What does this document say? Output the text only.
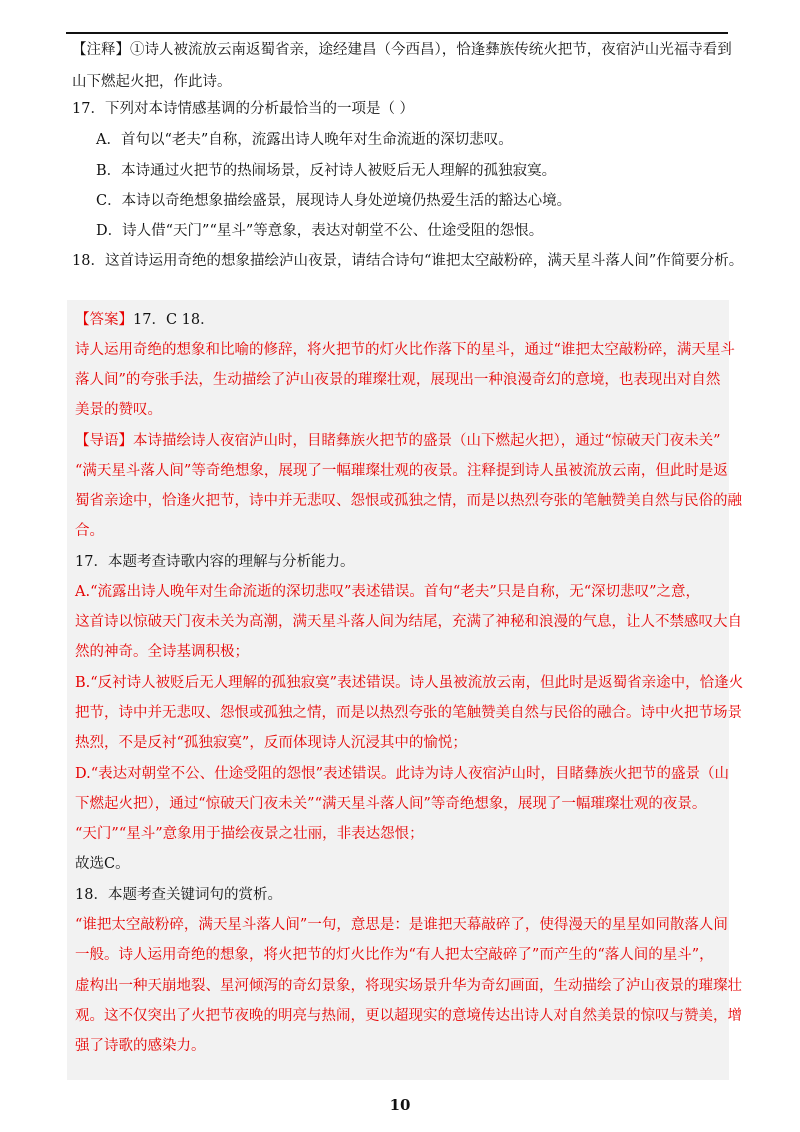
【注释】①诗人被流放云南返蜀省亲，途经建昌（今西昌），恰逢彝族传统火把节，夜宿泸山光福寺看到
山下燃起火把，作此诗。
17．下列对本诗情感基调的分析最恰当的一项是（ ）
A．首句以“老夫”自称，流露出诗人晚年对生命流逝的深切悲叹。
B．本诗通过火把节的热闹场景，反衬诗人被贬后无人理解的孤独寂寞。
C．本诗以奇绝想象描绘盛景，展现诗人身处逆境仍热爱生活的豁达心境。
D．诗人借“天门”“星斗”等意象，表达对朝堂不公、仕途受阻的怨恨。
18．这首诗运用奇绝的想象描绘泸山夜景，请结合诗句“谁把太空敲粉碎，满天星斗落人间”作简要分析。
【答案】17．C 18．
诗人运用奇绝的想象和比喻的修辞，将火把节的灯火比作落下的星斗，通过“谁把太空敲粉碎，满天星斗
落人间”的夸张手法，生动描绘了泸山夜景的璀璨壮观，展现出一种浪漫奇幻的意境，也表现出对自然
美景的赞叹。
【导语】本诗描绘诗人夜宿泸山时，目睹彝族火把节的盛景（山下燃起火把），通过“惊破天门夜未关”
“满天星斗落人间”等奇绝想象，展现了一幅璀璨壮观的夜景。注释提到诗人虽被流放云南，但此时是返
蜀省亲途中，恰逢火把节，诗中并无悲叹、怨恨或孤独之情，而是以热烈夸张的笔触赞美自然与民俗的融
合。
17．本题考查诗歌内容的理解与分析能力。
A.“流露出诗人晚年对生命流逝的深切悲叹”表述错误。首句“老夫”只是自称，无“深切悲叹”之意，
这首诗以惊破天门夜未关为高潮，满天星斗落人间为结尾，充满了神秘和浪漫的气息，让人不禁感叹大自
然的神奇。全诗基调积极；
B.“反衬诗人被贬后无人理解的孤独寂寞”表述错误。诗人虽被流放云南，但此时是返蜀省亲途中，恰逢火
把节，诗中并无悲叹、怨恨或孤独之情，而是以热烈夸张的笔触赞美自然与民俗的融合。诗中火把节场景
热烈，不是反衬“孤独寂寞”，反而体现诗人沉浸其中的愉悦；
D.“表达对朝堂不公、仕途受阻的怨恨”表述错误。此诗为诗人夜宿泸山时，目睹彝族火把节的盛景（山
下燃起火把），通过“惊破天门夜未关”“满天星斗落人间”等奇绝想象，展现了一幅璀璨壮观的夜景。
“天门”“星斗”意象用于描绘夜景之壮丽，非表达怨恨；
故选C。
18．本题考查关键词句的赏析。
“谁把太空敲粉碎，满天星斗落人间”一句，意思是：是谁把天幕敲碎了，使得漫天的星星如同散落人间
一般。诗人运用奇绝的想象，将火把节的灯火比作为“有人把太空敲碎了”而产生的“落人间的星斗”，
虚构出一种天崩地裂、星河倾泻的奇幻景象，将现实场景升华为奇幻画面，生动描绘了泸山夜景的璀璨壮
观。这不仅突出了火把节夜晚的明亮与热闹，更以超现实的意境传达出诗人对自然美景的惊叹与赞美，增
强了诗歌的感染力。
10
